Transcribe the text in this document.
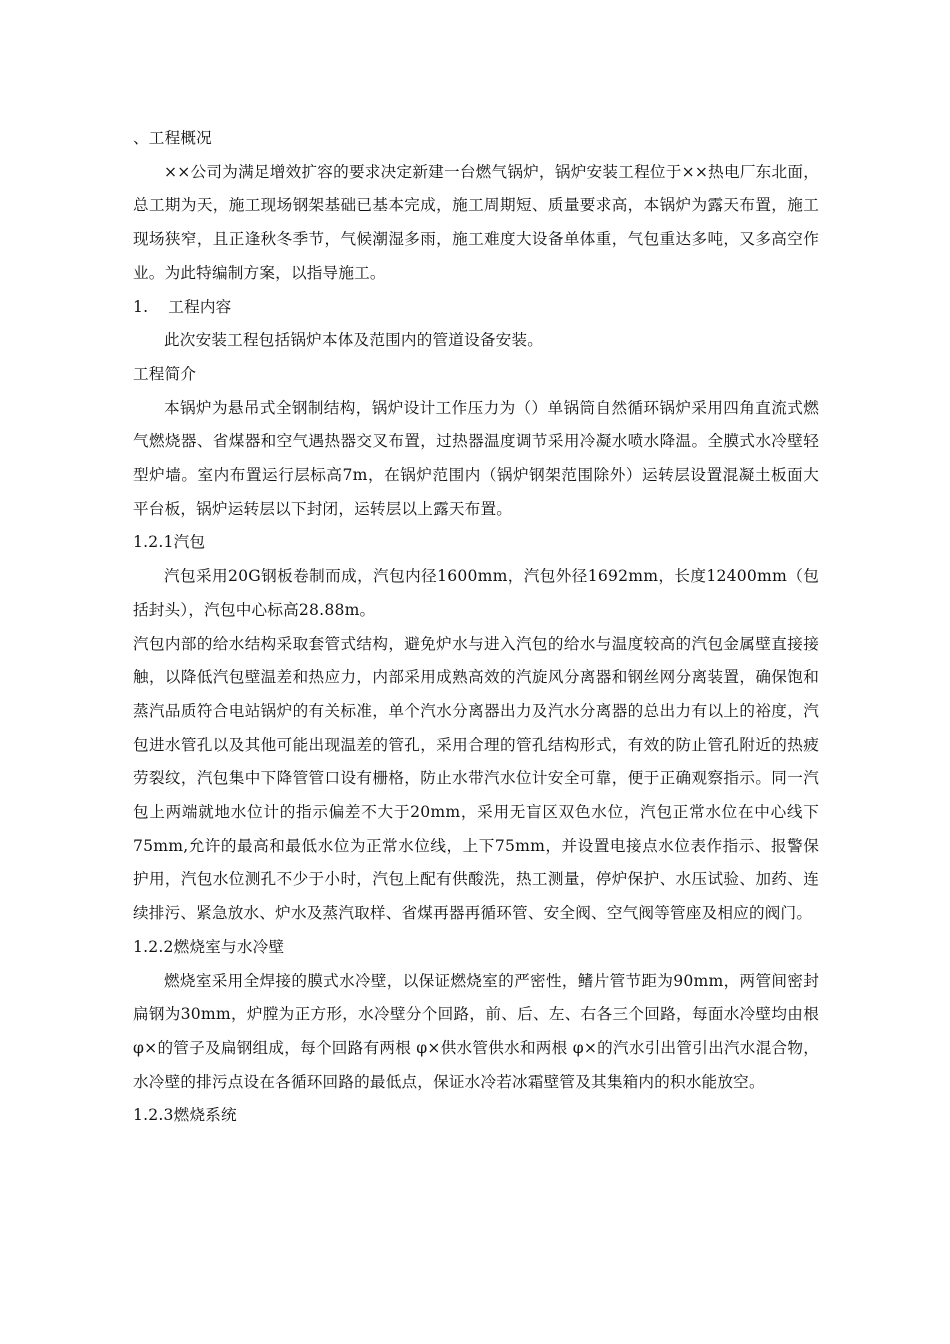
、工程概况

××公司为满足增效扩容的要求决定新建一台燃气锅炉，锅炉安装工程位于××热电厂东北面，总工期为天，施工现场钢架基础已基本完成，施工周期短、质量要求高，本锅炉为露天布置，施工现场狭窄，且正逢秋冬季节，气候潮湿多雨，施工难度大设备单体重，气包重达多吨，又多高空作业。为此特编制方案，以指导施工。

1. 工程内容

此次安装工程包括锅炉本体及范围内的管道设备安装。

工程简介

本锅炉为悬吊式全钢制结构，锅炉设计工作压力为（）单锅筒自然循环锅炉采用四角直流式燃气燃烧器、省煤器和空气遇热器交叉布置，过热器温度调节采用冷凝水喷水降温。全膜式水冷壁轻型炉墙。室内布置运行层标高7m，在锅炉范围内（锅炉钢架范围除外）运转层设置混凝土板面大平台板，锅炉运转层以下封闭，运转层以上露天布置。

1.2.1汽包

汽包采用20G钢板卷制而成，汽包内径1600mm，汽包外径1692mm，长度12400mm（包括封头），汽包中心标高28.88m。

汽包内部的给水结构采取套管式结构，避免炉水与进入汽包的给水与温度较高的汽包金属壁直接接触，以降低汽包壁温差和热应力，内部采用成熟高效的汽旋风分离器和钢丝网分离装置，确保饱和蒸汽品质符合电站锅炉的有关标准，单个汽水分离器出力及汽水分离器的总出力有以上的裕度，汽包进水管孔以及其他可能出现温差的管孔，采用合理的管孔结构形式，有效的防止管孔附近的热疲劳裂纹，汽包集中下降管管口设有栅格，防止水带汽水位计安全可靠，便于正确观察指示。同一汽包上两端就地水位计的指示偏差不大于20mm，采用无盲区双色水位，汽包正常水位在中心线下75mm,允许的最高和最低水位为正常水位线，上下75mm，并设置电接点水位表作指示、报警保护用，汽包水位测孔不少于小时，汽包上配有供酸洗，热工测量，停炉保护、水压试验、加药、连续排污、紧急放水、炉水及蒸汽取样、省煤再器再循环管、安全阀、空气阀等管座及相应的阀门。

1.2.2燃烧室与水冷壁

燃烧室采用全焊接的膜式水冷壁，以保证燃烧室的严密性，鳍片管节距为90mm，两管间密封扁钢为30mm，炉膛为正方形，水冷壁分个回路，前、后、左、右各三个回路，每面水冷壁均由根 φ×的管子及扁钢组成，每个回路有两根 φ×供水管供水和两根 φ×的汽水引出管引出汽水混合物，水冷壁的排污点设在各循环回路的最低点，保证水冷若冰霜壁管及其集箱内的积水能放空。

1.2.3燃烧系统
